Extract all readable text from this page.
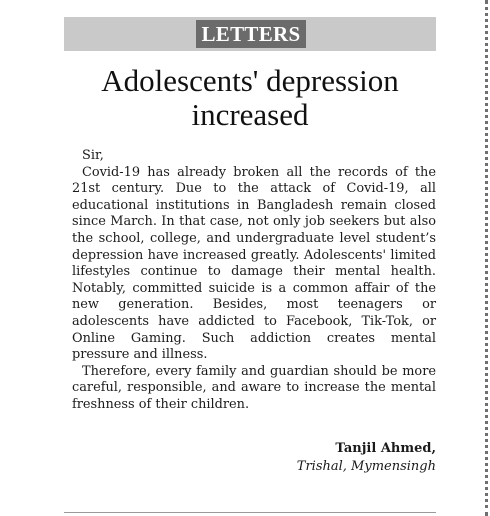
LETTERS
Adolescents' depression
increased

Sir,

Covid-19 has already broken all the records of the 21st century. Due to the attack of Covid-19, all educational institutions in Bangladesh remain closed since March. In that case, not only job seekers but also the school, college, and undergraduate level student’s depression have increased greatly. Adolescents' limited lifestyles continue to damage their mental health. Notably, committed suicide is a common affair of the new generation. Besides, most teenagers or adolescents have addicted to Facebook, Tik-Tok, or Online Gaming. Such addiction creates mental pressure and illness.

Therefore, every family and guardian should be more careful, responsible, and aware to increase the mental freshness of their children.

Tanjil Ahmed,
Trishal, Mymensingh
